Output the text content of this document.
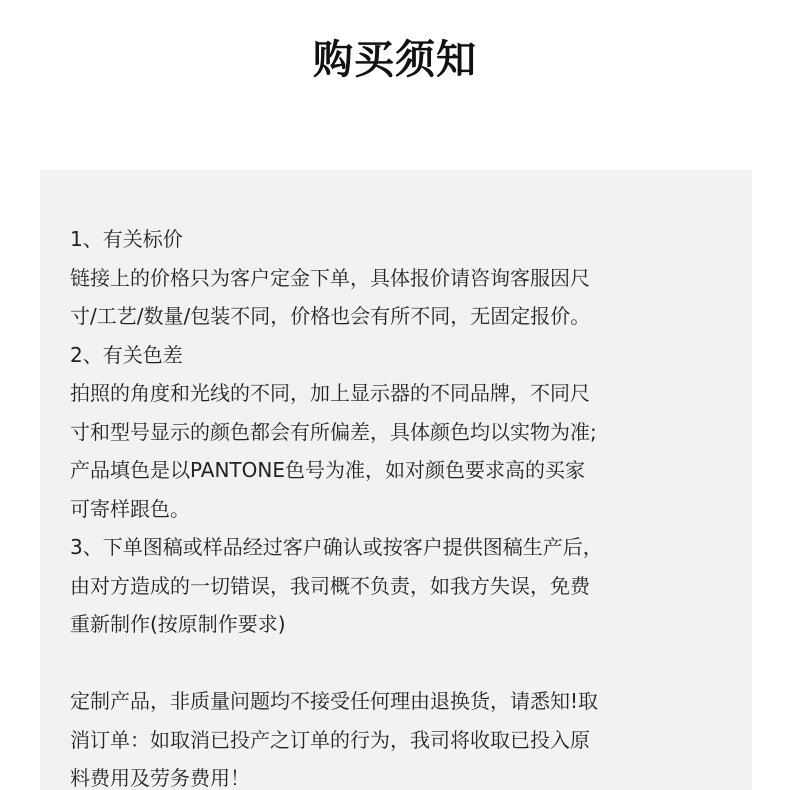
购买须知
1、有关标价
链接上的价格只为客户定金下单，具体报价请咨询客服因尺
寸/工艺/数量/包装不同，价格也会有所不同，无固定报价。
2、有关色差
拍照的角度和光线的不同，加上显示器的不同品牌，不同尺
寸和型号显示的颜色都会有所偏差，具体颜色均以实物为准;
产品填色是以PANTONE色号为准，如对颜色要求高的买家
可寄样跟色。
3、下单图稿或样品经过客户确认或按客户提供图稿生产后，
由对方造成的一切错误，我司概不负责，如我方失误，免费
重新制作(按原制作要求)
定制产品，非质量问题均不接受任何理由退换货，请悉知!取
消订单：如取消已投产之订单的行为，我司将收取已投入原
料费用及劳务费用！
